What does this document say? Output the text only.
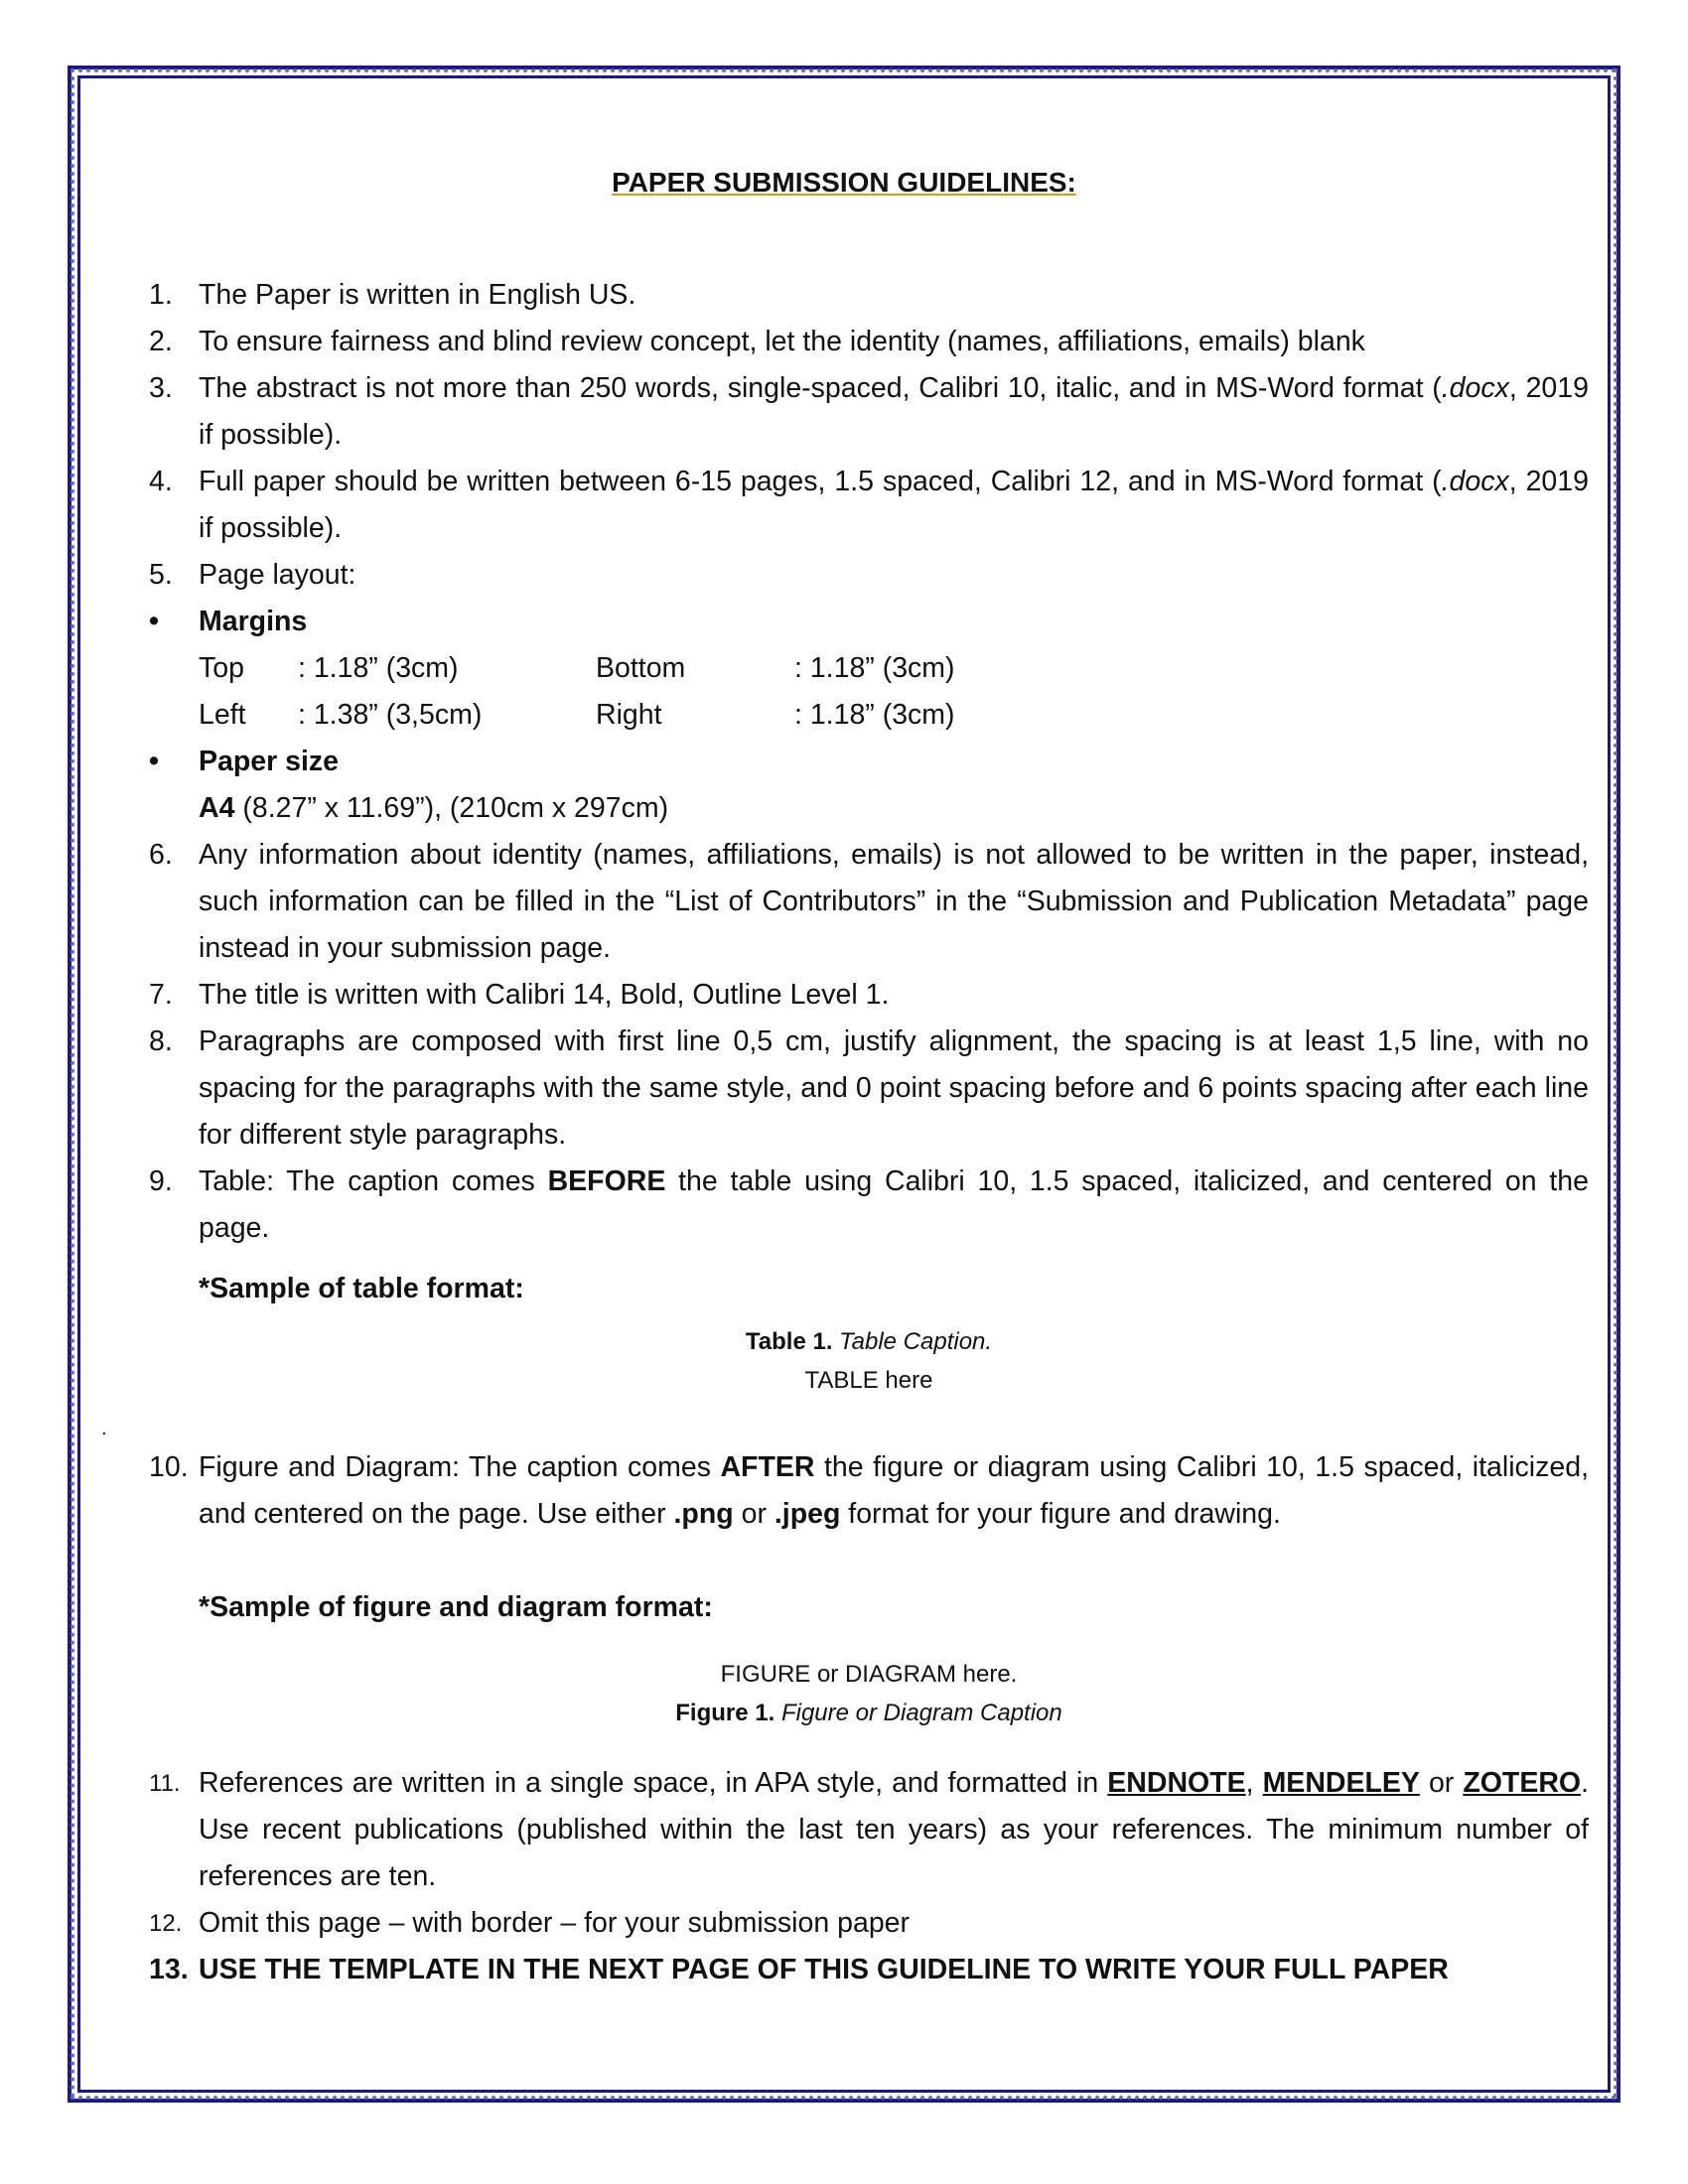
PAPER SUBMISSION GUIDELINES:
.
1. The Paper is written in English US.
2. To ensure fairness and blind review concept, let the identity (names, affiliations, emails) blank
3. The abstract is not more than 250 words, single-spaced, Calibri 10, italic, and in MS-Word format (.docx, 2019 if possible).
4. Full paper should be written between 6-15 pages, 1.5 spaced, Calibri 12, and in MS-Word format (.docx, 2019 if possible).
5. Page layout:
•	Margins
Top	: 1.18” (3cm)	Bottom	: 1.18” (3cm)
Left	: 1.38” (3,5cm)	Right	: 1.18” (3cm)
•	Paper size
A4 (8.27” x 11.69”), (210cm x 297cm)
6. Any information about identity (names, affiliations, emails) is not allowed to be written in the paper, instead, such information can be filled in the “List of Contributors” in the “Submission and Publication Metadata” page instead in your submission page.
7. The title is written with Calibri 14, Bold, Outline Level 1.
8. Paragraphs are composed with first line 0,5 cm, justify alignment, the spacing is at least 1,5 line, with no spacing for the paragraphs with the same style, and 0 point spacing before and 6 points spacing after each line for different style paragraphs.
9. Table: The caption comes BEFORE the table using Calibri 10, 1.5 spaced, italicized, and centered on the page.
*Sample of table format:
Table 1. Table Caption.
TABLE here
10. Figure and Diagram: The caption comes AFTER the figure or diagram using Calibri 10, 1.5 spaced, italicized, and centered on the page. Use either .png or .jpeg format for your figure and drawing.
*Sample of figure and diagram format:
FIGURE or DIAGRAM here.
Figure 1. Figure or Diagram Caption
11. References are written in a single space, in APA style, and formatted in ENDNOTE, MENDELEY or ZOTERO. Use recent publications (published within the last ten years) as your references. The minimum number of references are ten.
12. Omit this page – with border – for your submission paper
13. USE THE TEMPLATE IN THE NEXT PAGE OF THIS GUIDELINE TO WRITE YOUR FULL PAPER
